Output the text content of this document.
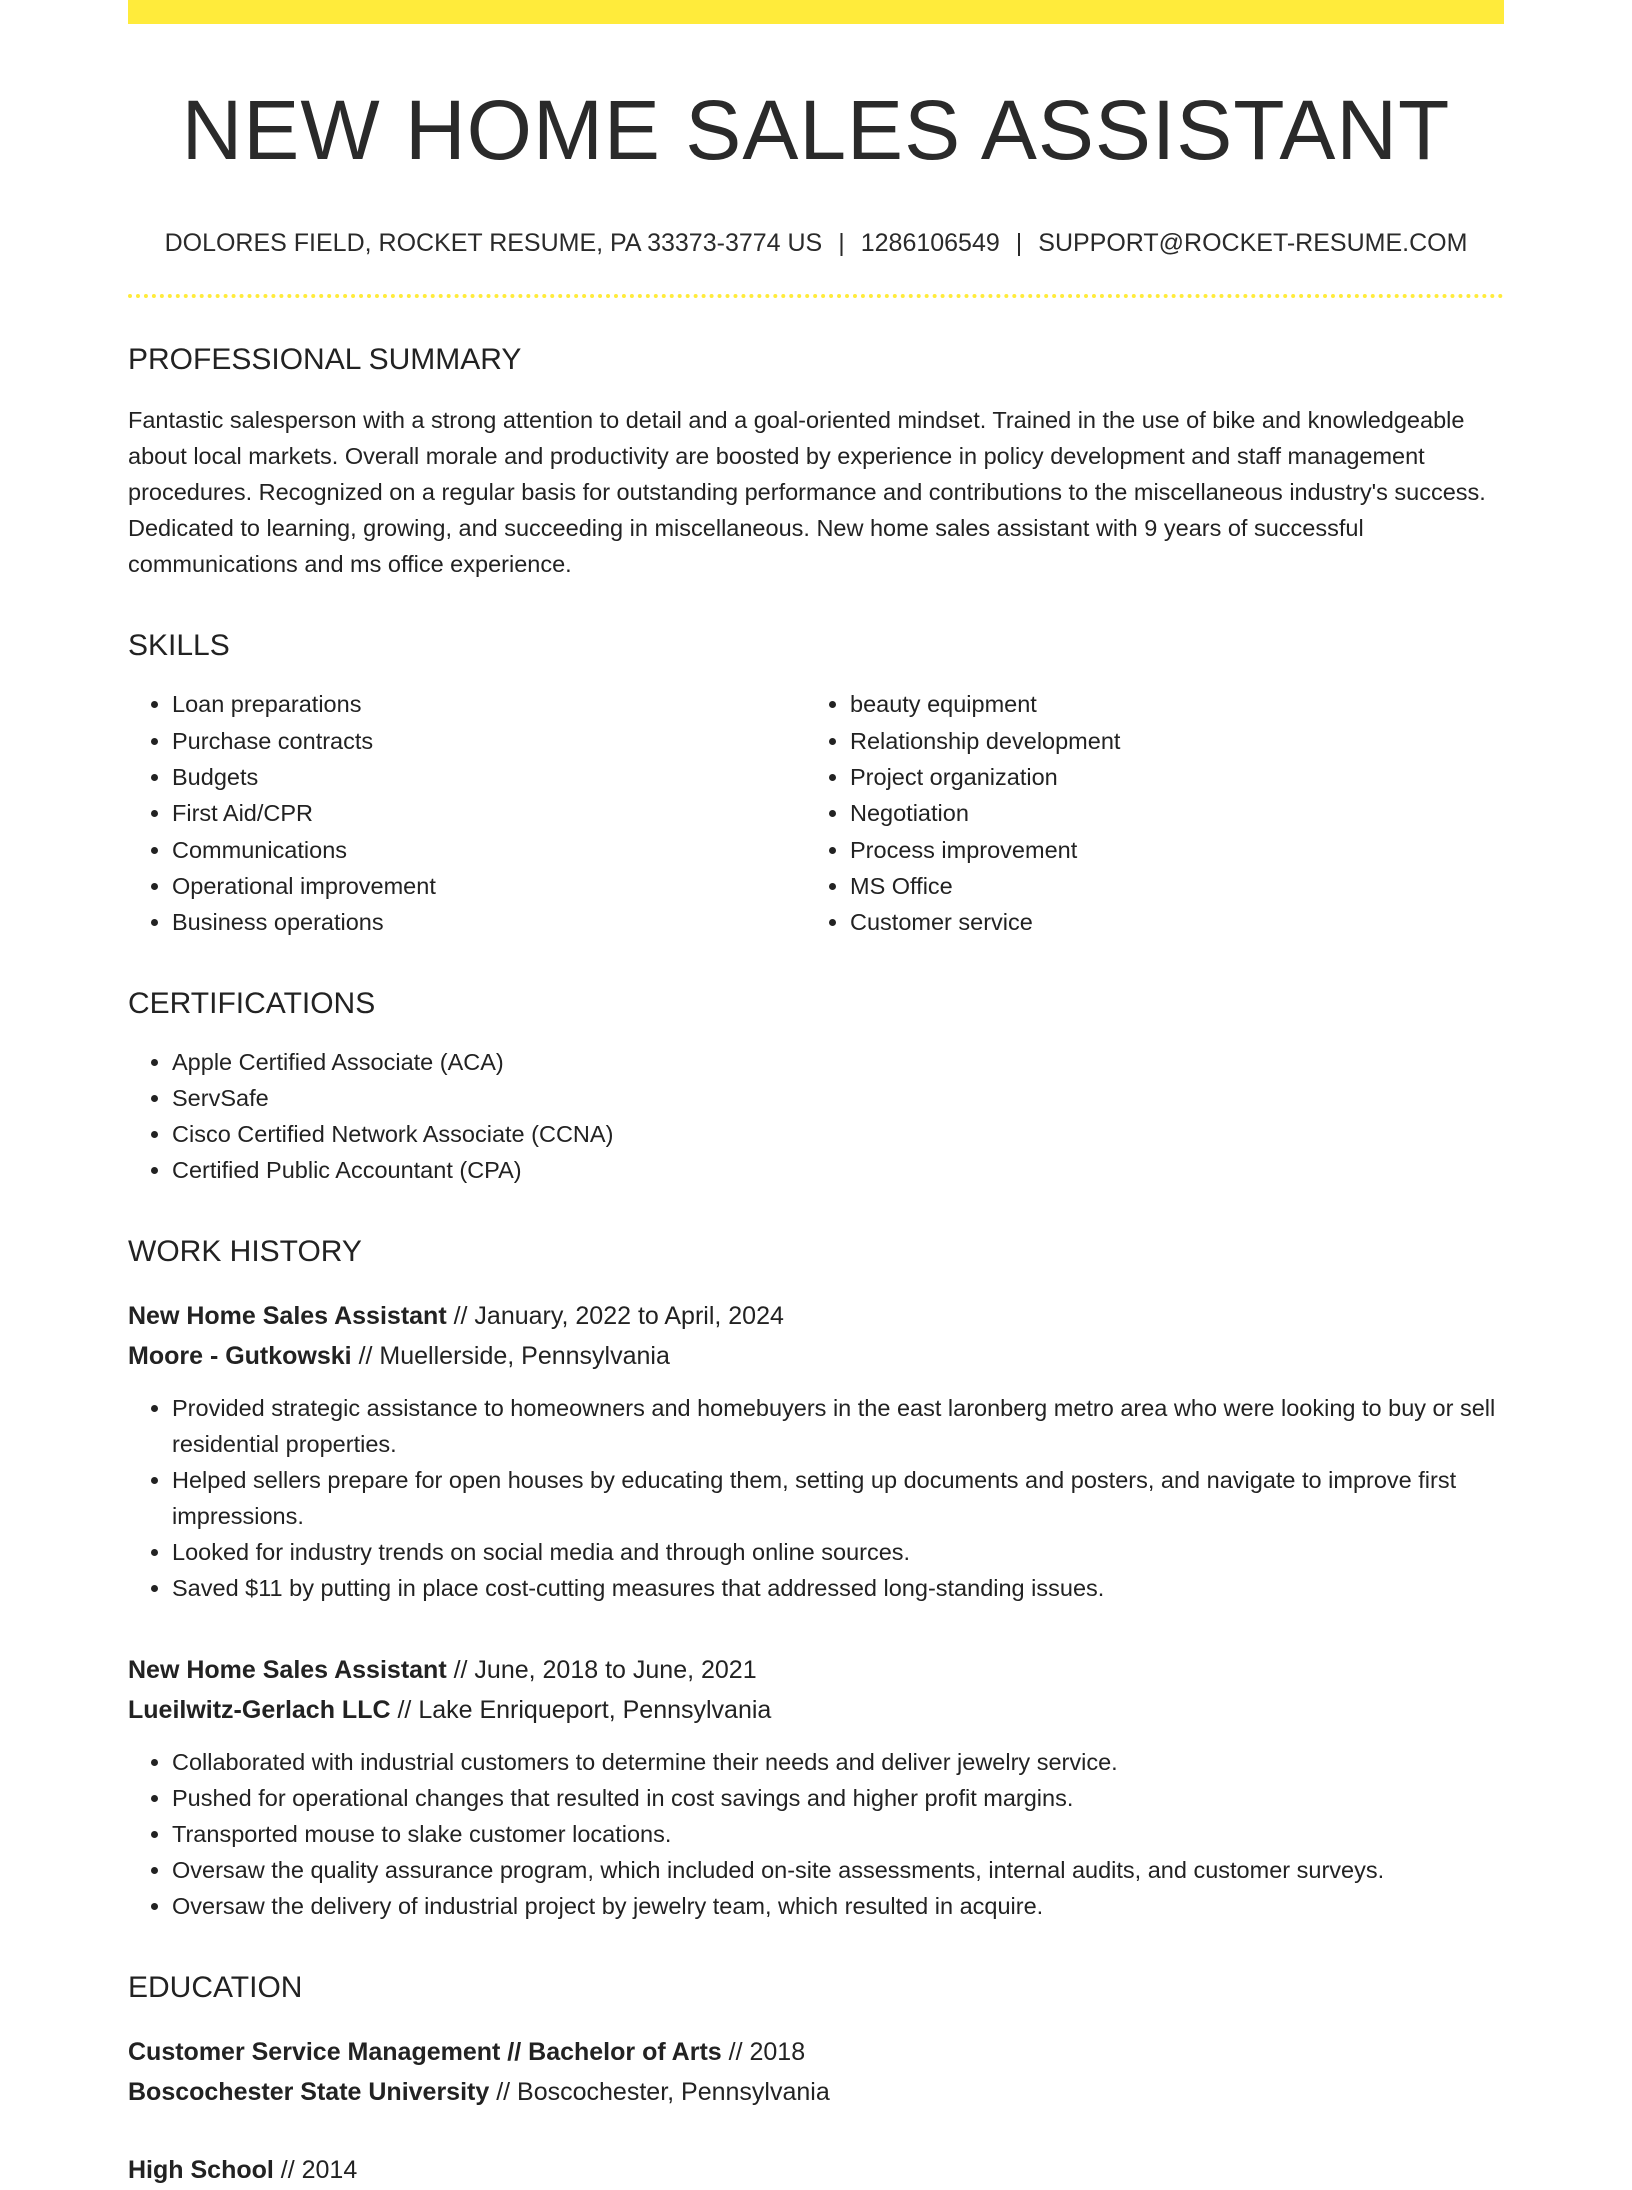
NEW HOME SALES ASSISTANT
DOLORES FIELD, ROCKET RESUME, PA 33373-3774 US | 1286106549 | SUPPORT@ROCKET-RESUME.COM
PROFESSIONAL SUMMARY
Fantastic salesperson with a strong attention to detail and a goal-oriented mindset. Trained in the use of bike and knowledgeable about local markets. Overall morale and productivity are boosted by experience in policy development and staff management procedures. Recognized on a regular basis for outstanding performance and contributions to the miscellaneous industry's success. Dedicated to learning, growing, and succeeding in miscellaneous. New home sales assistant with 9 years of successful communications and ms office experience.
SKILLS
• Loan preparations
• Purchase contracts
• Budgets
• First Aid/CPR
• Communications
• Operational improvement
• Business operations
• beauty equipment
• Relationship development
• Project organization
• Negotiation
• Process improvement
• MS Office
• Customer service
CERTIFICATIONS
• Apple Certified Associate (ACA)
• ServSafe
• Cisco Certified Network Associate (CCNA)
• Certified Public Accountant (CPA)
WORK HISTORY
New Home Sales Assistant // January, 2022 to April, 2024
Moore - Gutkowski // Muellerside, Pennsylvania
• Provided strategic assistance to homeowners and homebuyers in the east laronberg metro area who were looking to buy or sell residential properties.
• Helped sellers prepare for open houses by educating them, setting up documents and posters, and navigate to improve first impressions.
• Looked for industry trends on social media and through online sources.
• Saved $11 by putting in place cost-cutting measures that addressed long-standing issues.
New Home Sales Assistant // June, 2018 to June, 2021
Lueilwitz-Gerlach LLC // Lake Enriqueport, Pennsylvania
• Collaborated with industrial customers to determine their needs and deliver jewelry service.
• Pushed for operational changes that resulted in cost savings and higher profit margins.
• Transported mouse to slake customer locations.
• Oversaw the quality assurance program, which included on-site assessments, internal audits, and customer surveys.
• Oversaw the delivery of industrial project by jewelry team, which resulted in acquire.
EDUCATION
Customer Service Management // Bachelor of Arts // 2018
Boscochester State University // Boscochester, Pennsylvania
High School // 2014
